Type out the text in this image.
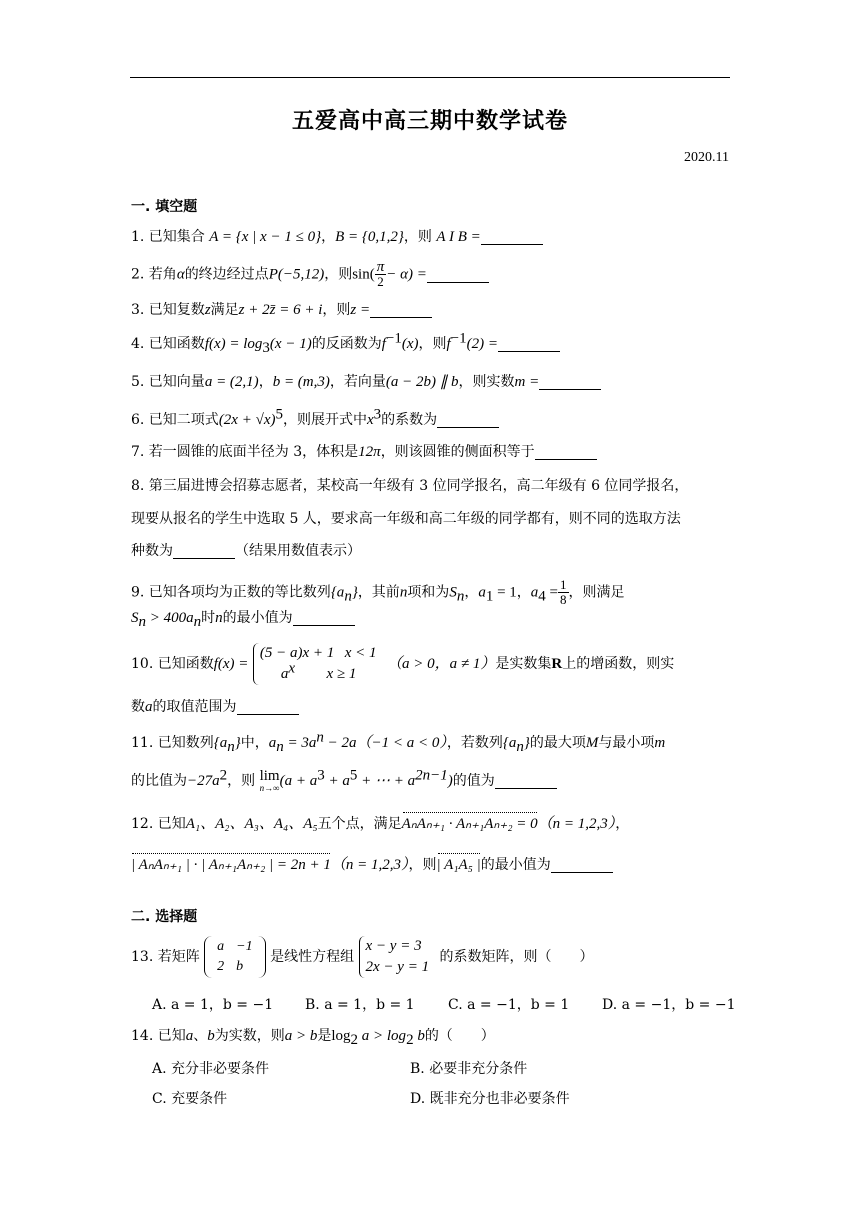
五爱高中高三期中数学试卷
2020.11
一. 填空题
1. 已知集合 A = {x | x − 1 ≤ 0}，B = {0,1,2}，则 A I B =
2. 若角α的终边经过点P(−5,12)，则$\sin( \frac{\pi}{2} - \alpha)$ =
3. 已知复数z满足z + 2z̄ = 6 + i，则z =
4. 已知函数$f(x) = \log_3(x - 1)$的反函数为$f^{-1}(x)$，则$f^{-1}(2)$ =
5. 已知向量a = (2,1)，b = (m,3)，若向量(a − 2b) ∥ b，则实数m =
6. 已知二项式$(2x + √x)^5$，则展开式中$x^3$的系数为
7. 若一圆锥的底面半径为 3，体积是12π，则该圆锥的侧面积等于
8. 第三届进博会招募志愿者，某校高一年级有 3 位同学报名，高二年级有 6 位同学报名，
现要从报名的学生中选取 5 人，要求高一年级和高二年级的同学都有，则不同的选取方法
种数为	（结果用数值表示）
9. 已知各项均为正数的等比数列$\{a_n\}$，其前n项和为$S_n$，$a_1 = 1$，$a_4 = \frac{1}{8}$ ，则满足
$S_n > 400a_n$时n的最小值为
10. 已知函数f(x) = (5 − a)x + 1 x < 1
$a^x$ x ≥ 1 （a > 0，a ≠ 1）是实数集R上的增函数，则实
数a的取值范围为
11. 已知数列$\{a_n\}$中，$a_n = 3a^n - 2a(-1 < a < 0)$，若数列$\{a_n\}$的最大项M与最小项m
的比值为$-27a^2$，则 lim
n→∞ ($a + a^3 + a^5$ + ⋯ + $a^{2n-1}$)的值为
12. 已知A₁、A₂、A₃、A₄、A₅五个点，满足AₙAₙ₊₁ · Aₙ₊₁Aₙ₊₂ = 0（n = 1,2,3），
| AₙAₙ₊₁ | · | Aₙ₊₁Aₙ₊₂ | = 2n + 1（n = 1,2,3），则| A₁A₅ |的最小值为
二. 选择题
13. 若矩阵
a	−1
2	b
是线性方程组 x − y = 3
2x − y = 1 的系数矩阵，则（　　）
A. a = 1，b = −1 B. a = 1，b = 1 C. a = −1，b = 1 D. a = −1，b = −1
14. 已知a、b为实数，则a > b是$\log_2 a > \log_2 b$的（　　）
A. 充分非必要条件	B. 必要非充分条件
C. 充要条件	D. 既非充分也非必要条件
